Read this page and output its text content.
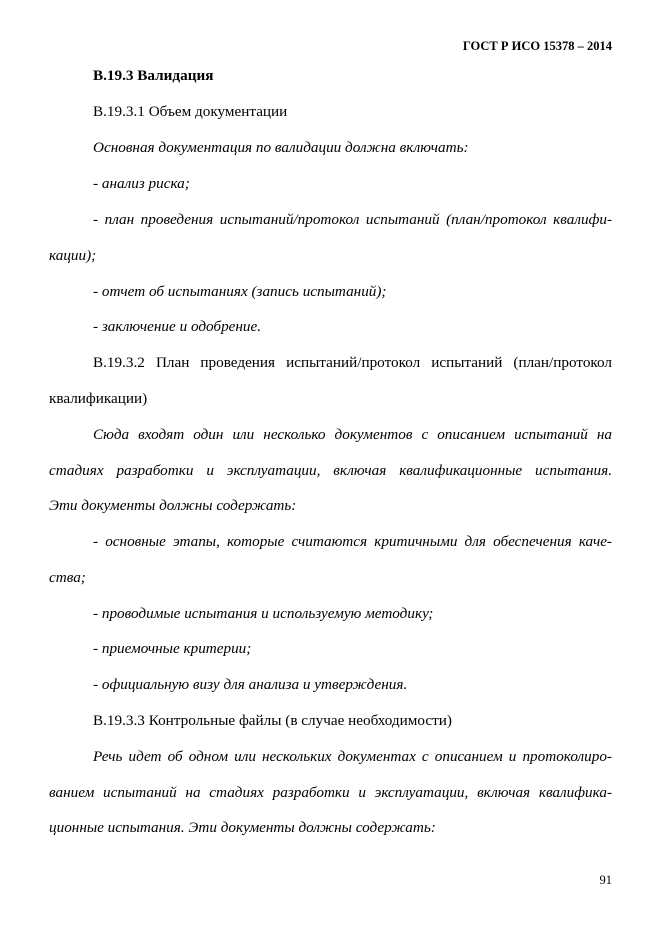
ГОСТ Р ИСО 15378 – 2014
В.19.3 Валидация
В.19.3.1 Объем документации
Основная документация по валидации должна включать:
- анализ риска;
- план проведения испытаний/протокол испытаний (план/протокол квалифи-
кации);
- отчет об испытаниях (запись испытаний);
- заключение и одобрение.
В.19.3.2 План проведения испытаний/протокол испытаний (план/протокол
квалификации)
Сюда входят один или несколько документов с описанием испытаний на
стадиях разработки и эксплуатации, включая квалификационные испытания.
Эти документы должны содержать:
- основные этапы, которые считаются критичными для обеспечения каче-
ства;
- проводимые испытания и используемую методику;
- приемочные критерии;
- официальную визу для анализа и утверждения.
В.19.3.3 Контрольные файлы (в случае необходимости)
Речь идет об одном или нескольких документах с описанием и протоколиро-
ванием испытаний на стадиях разработки и эксплуатации, включая квалифика-
ционные испытания. Эти документы должны содержать:
91
